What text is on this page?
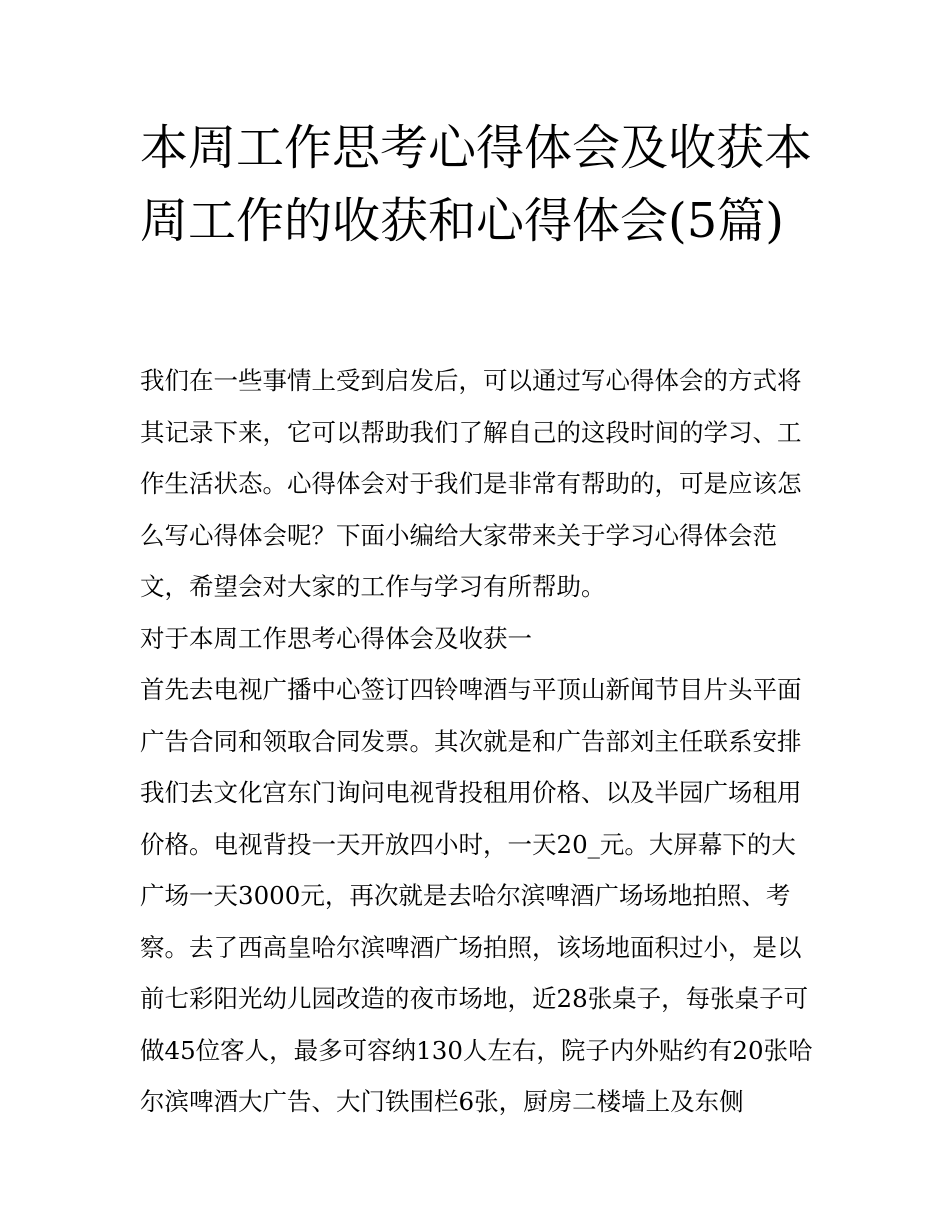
本周工作思考心得体会及收获本周工作的收获和心得体会(5篇)

我们在一些事情上受到启发后，可以通过写心得体会的方式将其记录下来，它可以帮助我们了解自己的这段时间的学习、工作生活状态。心得体会对于我们是非常有帮助的，可是应该怎么写心得体会呢？下面小编给大家带来关于学习心得体会范文，希望会对大家的工作与学习有所帮助。

对于本周工作思考心得体会及收获一

首先去电视广播中心签订四铃啤酒与平顶山新闻节目片头平面广告合同和领取合同发票。其次就是和广告部刘主任联系安排我们去文化宫东门询问电视背投租用价格、以及半园广场租用价格。电视背投一天开放四小时，一天20_元。大屏幕下的大广场一天3000元，再次就是去哈尔滨啤酒广场场地拍照、考察。去了西高皇哈尔滨啤酒广场拍照，该场地面积过小，是以前七彩阳光幼儿园改造的夜市场地，近28张桌子，每张桌子可做45位客人，最多可容纳130人左右，院子内外贴约有20张哈尔滨啤酒大广告、大门铁围栏6张，厨房二楼墙上及东侧
